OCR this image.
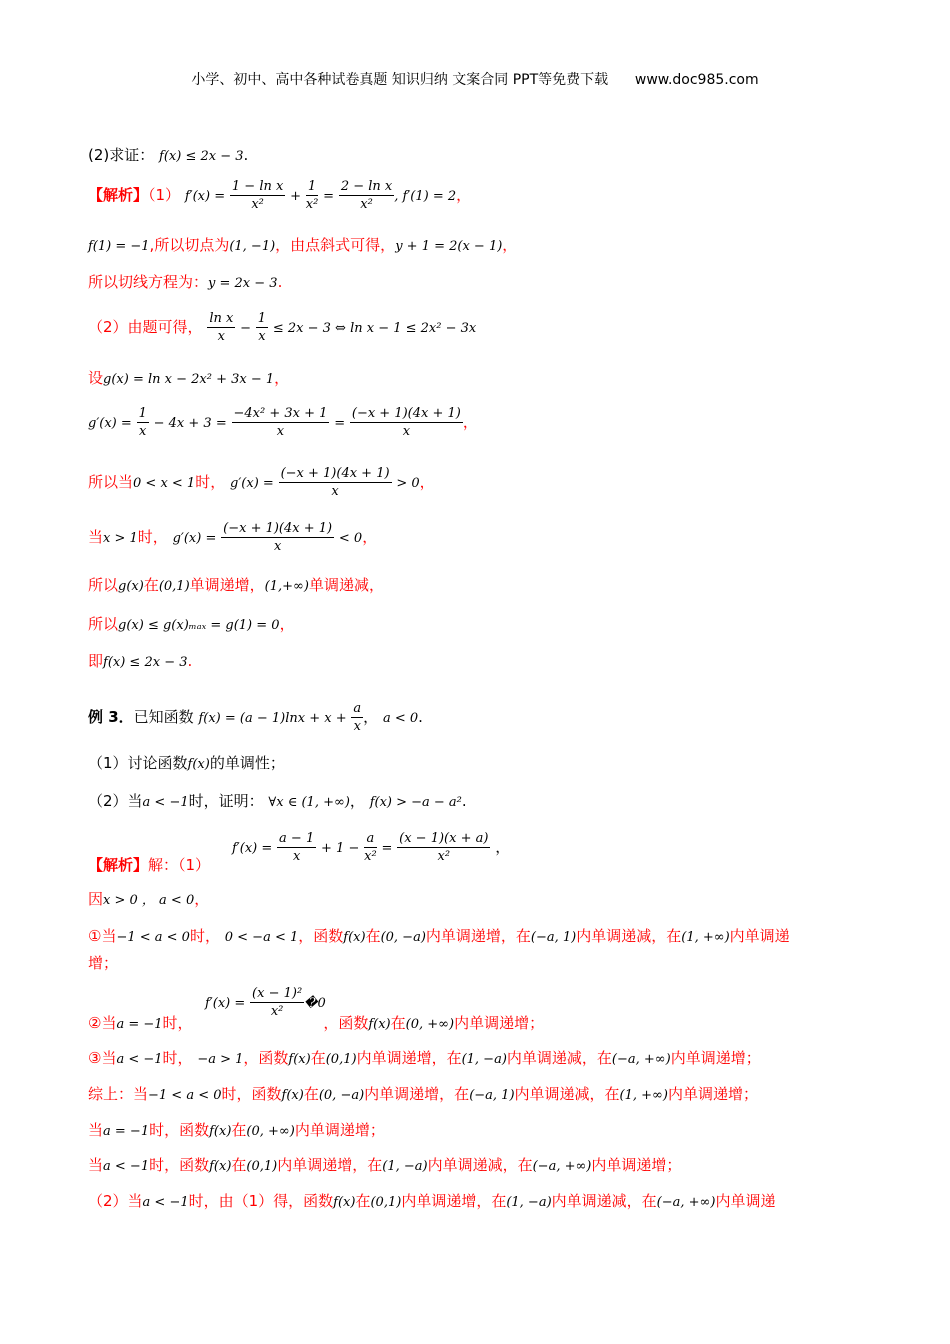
小学、初中、高中各种试卷真题 知识归纳 文案合同 PPT等免费下载 www.doc985.com
(2)求证： f(x) ≤ 2x − 3.
【解析】（1） $f'(x) = \frac{\text{1 − ln x}}{\text{x²}} + \frac{1}{\text{x²}} = \frac{\text{2 − ln x}}{\text{x²}}$ , f′(1) = 2，
f(1) = −1,所以切点为(1, −1)，由点斜式可得，y + 1 = 2(x − 1)，
所以切线方程为：y = 2x − 3.
（2）由题可得， $\frac{\text{ln x}}{x} - \frac{1}{x} \le 2x - 3$ ⇔ ln x − 1 ≤ 2x² − 3x
设g(x) = ln x − 2x² + 3x − 1，
$g'(x) = \frac{1}{x} - 4x + 3 = \frac{\text{−4x² + 3x + 1}}{x} = \frac{(-x + 1)(4x + 1)}{x}$ ，
所以当0 < x < 1时， $g'(x) = \frac{(-x + 1)(4x + 1)}{x} > 0$，
当x > 1时， $g'(x) = \frac{(-x + 1)(4x + 1)}{x} < 0$，
所以g(x)在(0,1)单调递增，(1,+∞)单调递减，
所以g(x) ≤ g(x)ₘₐₓ = g(1) = 0，
即f(x) ≤ 2x − 3.
例 3．已知函数 $f(x) = (a - 1)\ln x + x + \frac{a}{x}$ ， a < 0.
（1）讨论函数f(x)的单调性；
（2）当a < −1时，证明： ∀x ∈ (1, +∞)， f(x) > −a − a².
$f'(x) = \frac{a - 1}{x} + 1 - \frac{a}{\text{x²}} = \frac{(x - 1)(x + a)}{\text{x²}}$ ，
【解析】解：（1）
因x > 0 ， a < 0，
①当−1 < a < 0时， 0 < −a < 1，函数f(x)在(0, −a)内单调递增，在(−a, 1)内单调递减，在(1, +∞)内单调递
增；
$f'(x) = \frac{\text{(x − 1)²}}{\text{x²}}$ �0
②当a = −1时，	，函数f(x)在(0, +∞)内单调递增；
③当a < −1时， −a > 1，函数f(x)在(0,1)内单调递增，在(1, −a)内单调递减，在(−a, +∞)内单调递增；
综上：当−1 < a < 0时，函数f(x)在(0, −a)内单调递增，在(−a, 1)内单调递减，在(1, +∞)内单调递增；
当a = −1时，函数f(x)在(0, +∞)内单调递增；
当a < −1时，函数f(x)在(0,1)内单调递增，在(1, −a)内单调递减，在(−a, +∞)内单调递增；
（2）当a < −1时，由（1）得，函数f(x)在(0,1)内单调递增，在(1, −a)内单调递减，在(−a, +∞)内单调递
